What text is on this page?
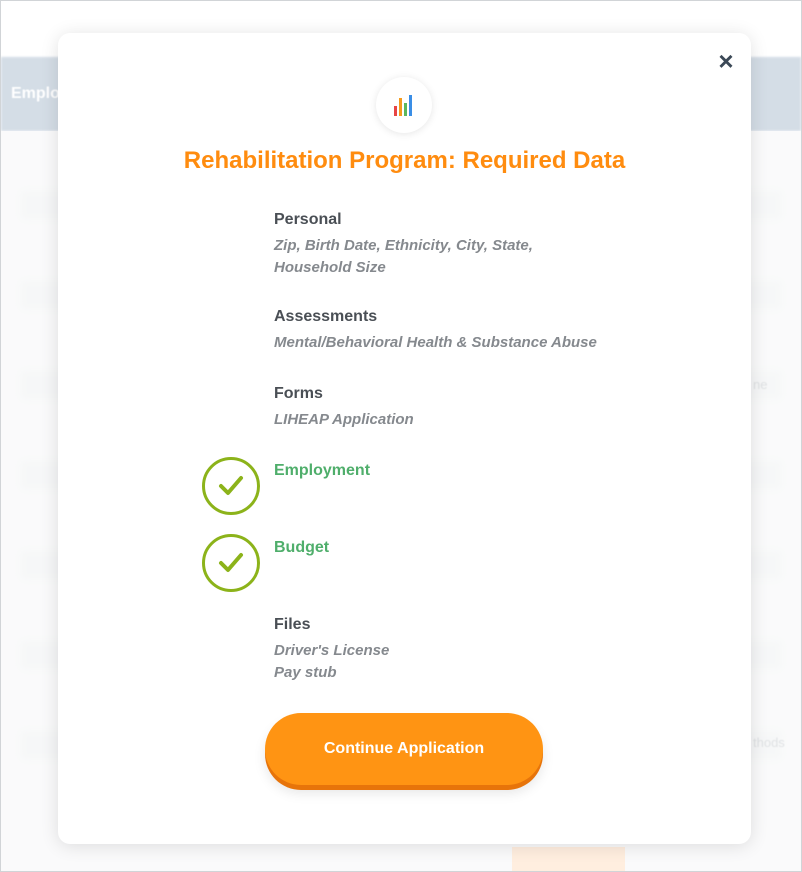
×
Rehabilitation Program: Required Data
Personal
Zip, Birth Date, Ethnicity, City, State,
Household Size
Assessments
Mental/Behavioral Health & Substance Abuse
Forms
LIHEAP Application
Employment
Budget
Files
Driver's License
Pay stub
Continue Application
